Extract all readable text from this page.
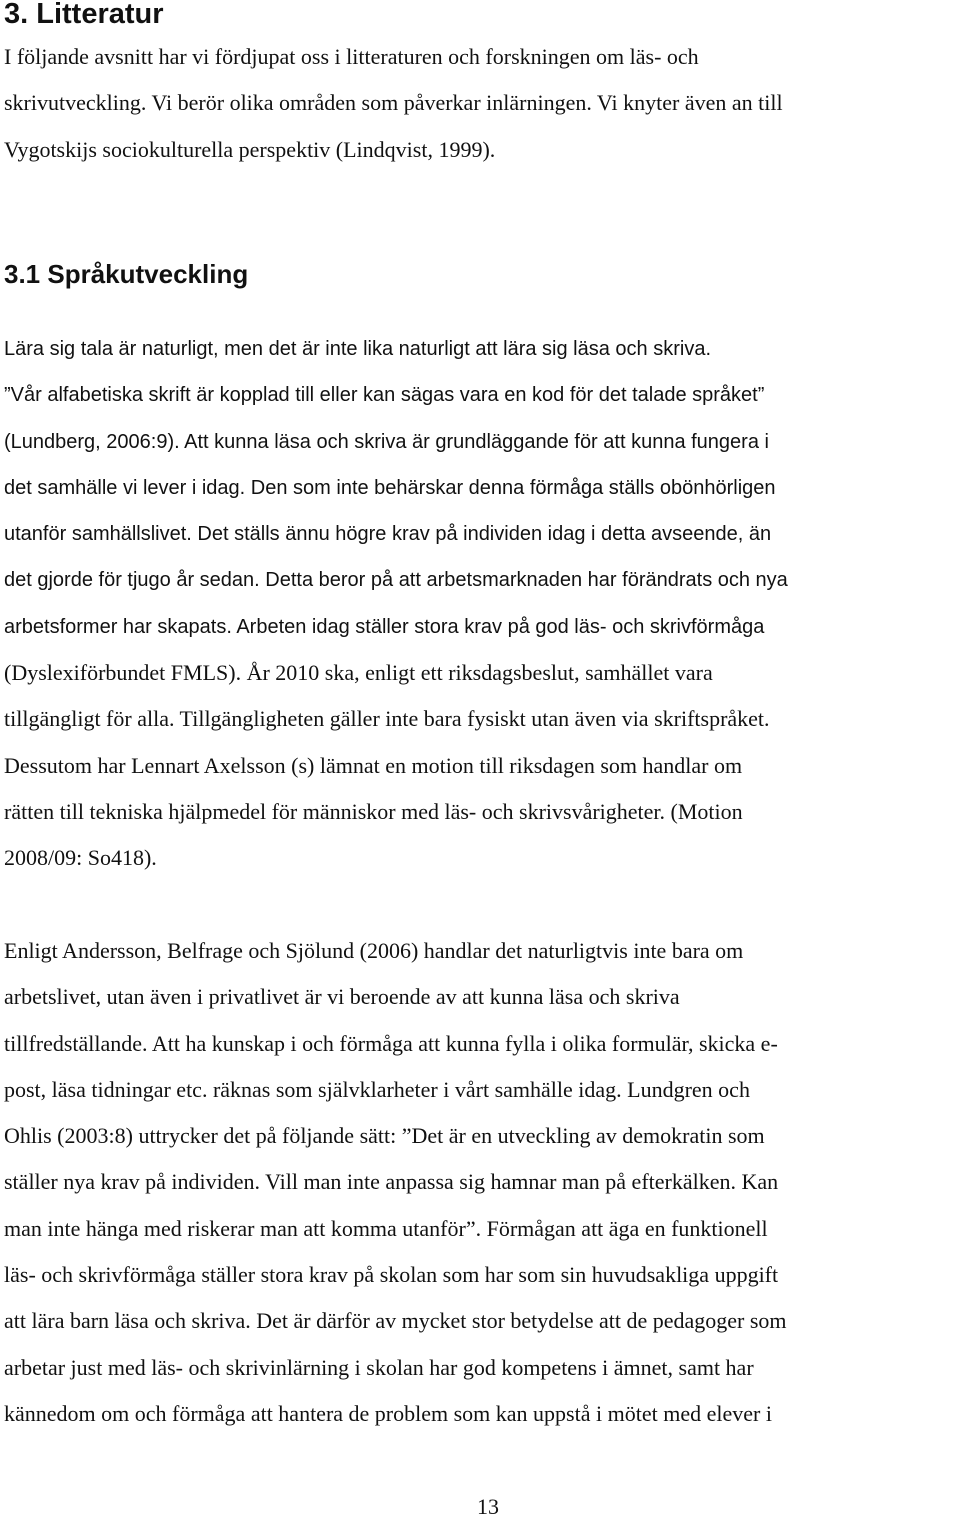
3. Litteratur
I följande avsnitt har vi fördjupat oss i litteraturen och forskningen om läs- och
skrivutveckling. Vi berör olika områden som påverkar inlärningen. Vi knyter även an till
Vygotskijs sociokulturella perspektiv (Lindqvist, 1999).
3.1 Språkutveckling
Lära sig tala är naturligt, men det är inte lika naturligt att lära sig läsa och skriva.
”Vår alfabetiska skrift är kopplad till eller kan sägas vara en kod för det talade språket”
(Lundberg, 2006:9). Att kunna läsa och skriva är grundläggande för att kunna fungera i
det samhälle vi lever i idag. Den som inte behärskar denna förmåga ställs obönhörligen
utanför samhällslivet. Det ställs ännu högre krav på individen idag i detta avseende, än
det gjorde för tjugo år sedan. Detta beror på att arbetsmarknaden har förändrats och nya
arbetsformer har skapats. Arbeten idag ställer stora krav på god läs- och skrivförmåga
(Dyslexiförbundet FMLS). År 2010 ska, enligt ett riksdagsbeslut, samhället vara
tillgängligt för alla. Tillgängligheten gäller inte bara fysiskt utan även via skriftspråket.
Dessutom har Lennart Axelsson (s) lämnat en motion till riksdagen som handlar om
rätten till tekniska hjälpmedel för människor med läs- och skrivsvårigheter. (Motion
2008/09: So418).
Enligt Andersson, Belfrage och Sjölund (2006) handlar det naturligtvis inte bara om
arbetslivet, utan även i privatlivet är vi beroende av att kunna läsa och skriva
tillfredställande. Att ha kunskap i och förmåga att kunna fylla i olika formulär, skicka e-
post, läsa tidningar etc. räknas som självklarheter i vårt samhälle idag. Lundgren och
Ohlis (2003:8) uttrycker det på följande sätt: ”Det är en utveckling av demokratin som
ställer nya krav på individen. Vill man inte anpassa sig hamnar man på efterkälken. Kan
man inte hänga med riskerar man att komma utanför”. Förmågan att äga en funktionell
läs- och skrivförmåga ställer stora krav på skolan som har som sin huvudsakliga uppgift
att lära barn läsa och skriva. Det är därför av mycket stor betydelse att de pedagoger som
arbetar just med läs- och skrivinlärning i skolan har god kompetens i ämnet, samt har
kännedom om och förmåga att hantera de problem som kan uppstå i mötet med elever i
13
